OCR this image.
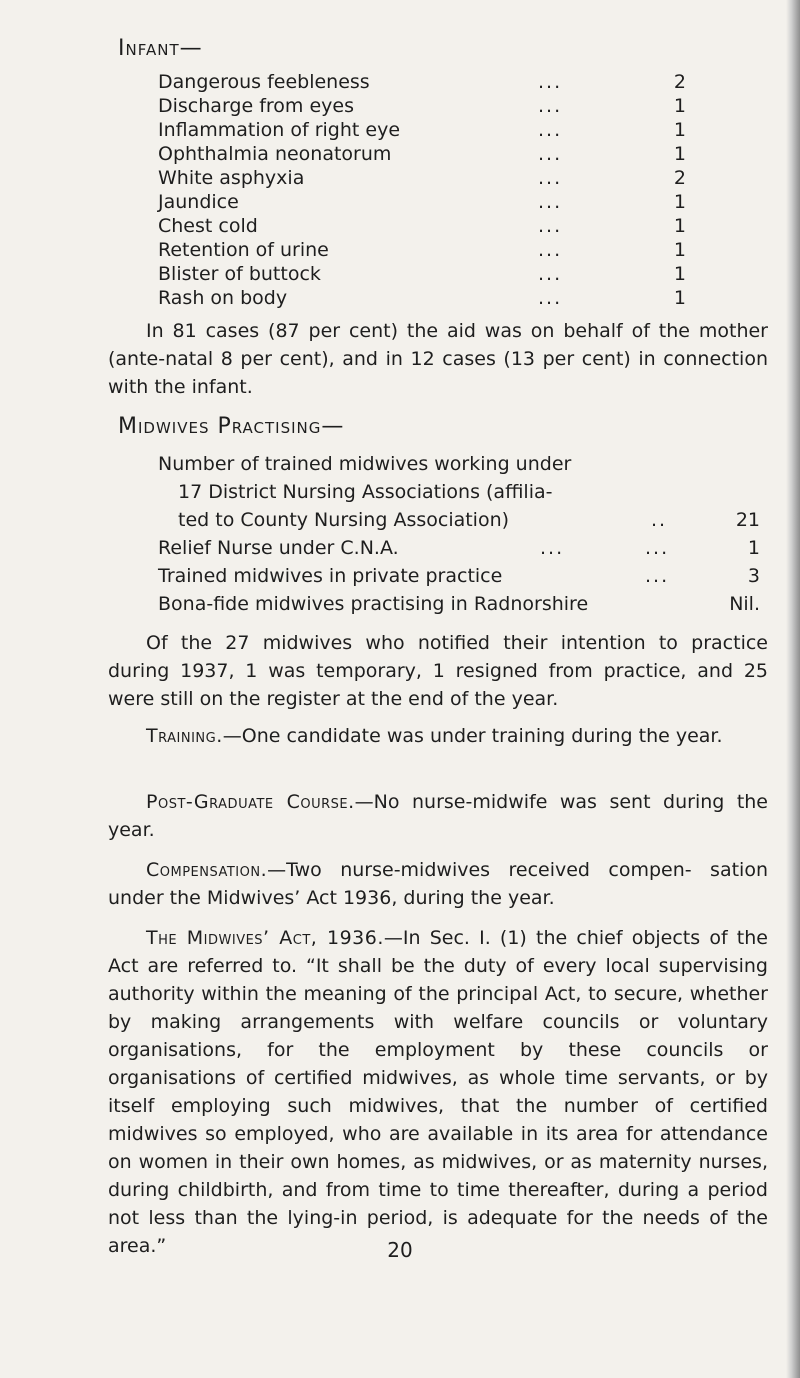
Infant—
Dangerous feebleness	...	2
Discharge from eyes	...	1
Inflammation of right eye	...	1
Ophthalmia neonatorum	...	1
White asphyxia	...	2
Jaundice	...	1
Chest cold	...	1
Retention of urine	...	1
Blister of buttock	...	1
Rash on body	...	1

In 81 cases (87 per cent) the aid was on behalf of the mother (ante-natal 8 per cent), and in 12 cases (13 per cent) in connection with the infant.

Midwives Practising—
Number of trained midwives working under
17 District Nursing Associations (affilia-
ted to County Nursing Association)	..	21
Relief Nurse under C.N.A.	...	...	1
Trained midwives in private practice	...	3
Bona-fide midwives practising in Radnorshire	Nil.

Of the 27 midwives who notified their intention to practice during 1937, 1 was temporary, 1 resigned from practice, and 25 were still on the register at the end of the year.

Training.—One candidate was under training during the year.

Post-Graduate Course.—No nurse-midwife was sent during the year.

Compensation.—Two nurse-midwives received compen- sation under the Midwives’ Act 1936, during the year.

The Midwives’ Act, 1936.—In Sec. I. (1) the chief objects of the Act are referred to. “It shall be the duty of every local supervising authority within the meaning of the principal Act, to secure, whether by making arrangements with welfare councils or voluntary organisations, for the employment by these councils or organisations of certified midwives, as whole time servants, or by itself employing such midwives, that the number of certified midwives so employed, who are available in its area for attendance on women in their own homes, as midwives, or as maternity nurses, during childbirth, and from time to time thereafter, during a period not less than the lying-in period, is adequate for the needs of the area.”	20
